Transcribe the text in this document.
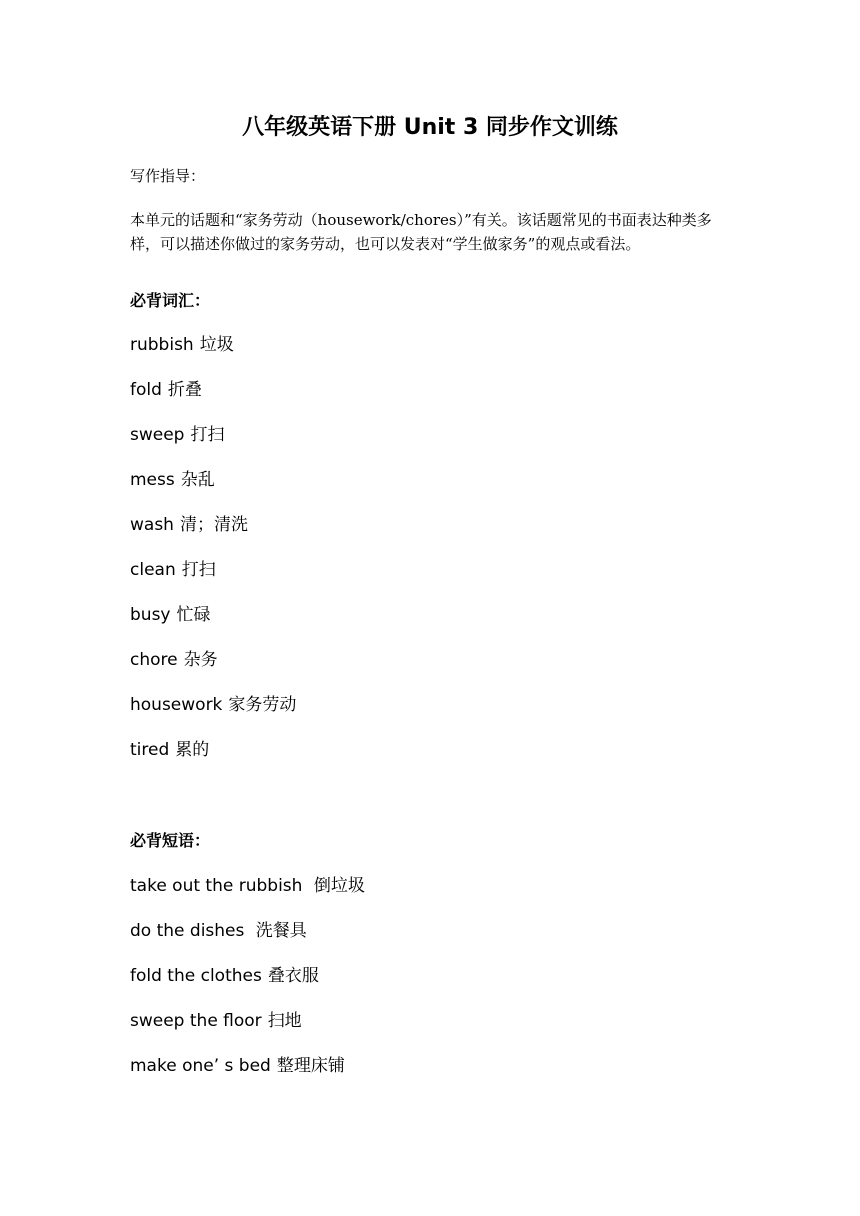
八年级英语下册 Unit 3 同步作文训练
写作指导：

本单元的话题和“家务劳动（housework/chores）”有关。该话题常见的书面表达种类多样，可以描述你做过的家务劳动，也可以发表对“学生做家务”的观点或看法。

必背词汇：
rubbish 垃圾
fold 折叠
sweep 打扫
mess 杂乱
wash 清；清洗
clean 打扫
busy 忙碌
chore 杂务
housework 家务劳动
tired 累的
必背短语：
take out the rubbish 倒垃圾
do the dishes 洗餐具
fold the clothes 叠衣服
sweep the floor 扫地
make one’ s bed 整理床铺
